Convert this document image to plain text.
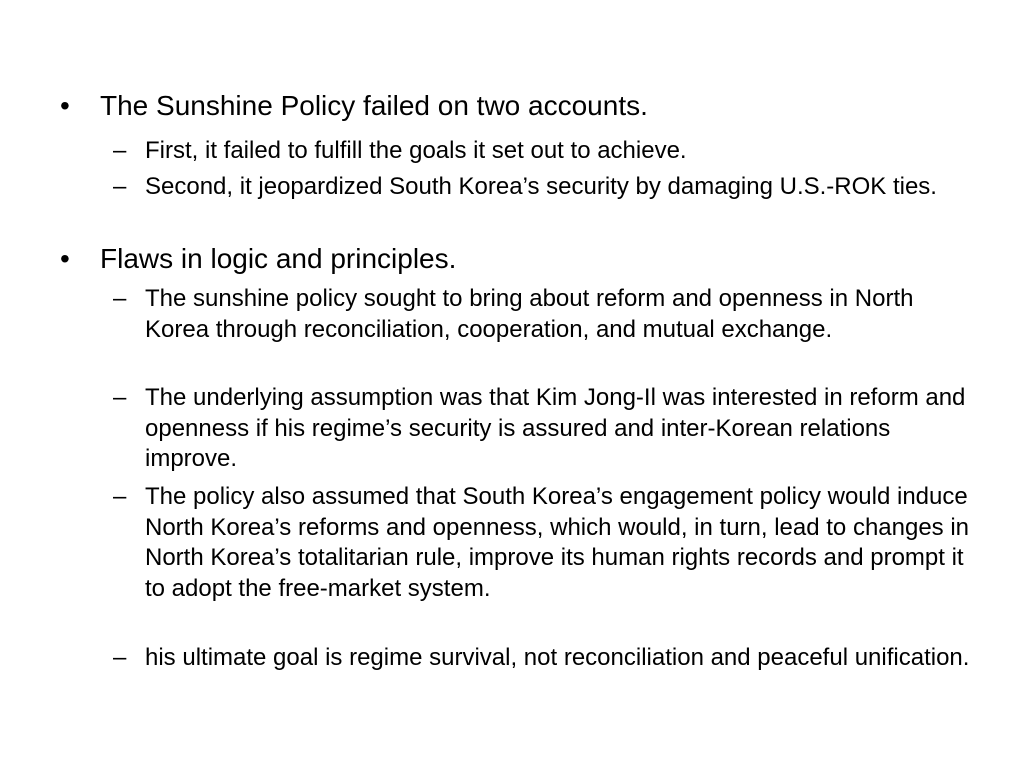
•	The Sunshine Policy failed on two accounts.
– First, it failed to fulfill the goals it set out to achieve.
– Second, it jeopardized South Korea’s security by damaging U.S.-ROK ties.
•	Flaws in logic and principles.
– The sunshine policy sought to bring about reform and openness in North Korea through reconciliation, cooperation, and mutual exchange.
– The underlying assumption was that Kim Jong-Il was interested in reform and openness if his regime’s security is assured and inter-Korean relations improve.
– The policy also assumed that South Korea’s engagement policy would induce North Korea’s reforms and openness, which would, in turn, lead to changes in North Korea’s totalitarian rule, improve its human rights records and prompt it to adopt the free-market system.
– his ultimate goal is regime survival, not reconciliation and peaceful unification.
